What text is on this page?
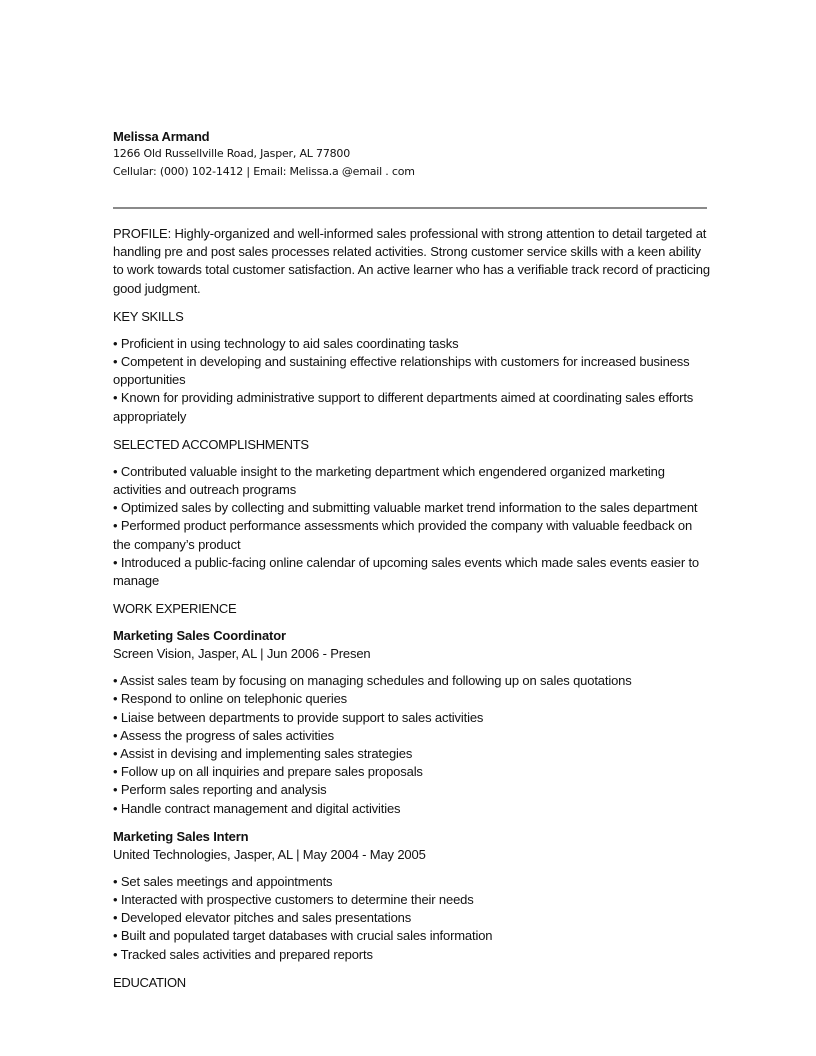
Melissa Armand

1266 Old Russellville Road, Jasper, AL 77800

Cellular: (000) 102-1412 | Email: Melissa.a @email . com

PROFILE: Highly-organized and well-informed sales professional with strong attention to detail targeted at handling pre and post sales processes related activities. Strong customer service skills with a keen ability to work towards total customer satisfaction. An active learner who has a verifiable track record of practicing good judgment.

KEY SKILLS

• Proficient in using technology to aid sales coordinating tasks
• Competent in developing and sustaining effective relationships with customers for increased business opportunities
• Known for providing administrative support to different departments aimed at coordinating sales efforts appropriately

SELECTED ACCOMPLISHMENTS

• Contributed valuable insight to the marketing department which engendered organized marketing activities and outreach programs
• Optimized sales by collecting and submitting valuable market trend information to the sales department
• Performed product performance assessments which provided the company with valuable feedback on the company’s product
• Introduced a public-facing online calendar of upcoming sales events which made sales events easier to manage

WORK EXPERIENCE

Marketing Sales Coordinator

Screen Vision, Jasper, AL | Jun 2006 - Presen

• Assist sales team by focusing on managing schedules and following up on sales quotations
• Respond to online on telephonic queries
• Liaise between departments to provide support to sales activities
• Assess the progress of sales activities
• Assist in devising and implementing sales strategies
• Follow up on all inquiries and prepare sales proposals
• Perform sales reporting and analysis
• Handle contract management and digital activities

Marketing Sales Intern

United Technologies, Jasper, AL | May 2004 - May 2005

• Set sales meetings and appointments
• Interacted with prospective customers to determine their needs
• Developed elevator pitches and sales presentations
• Built and populated target databases with crucial sales information
• Tracked sales activities and prepared reports

EDUCATION
